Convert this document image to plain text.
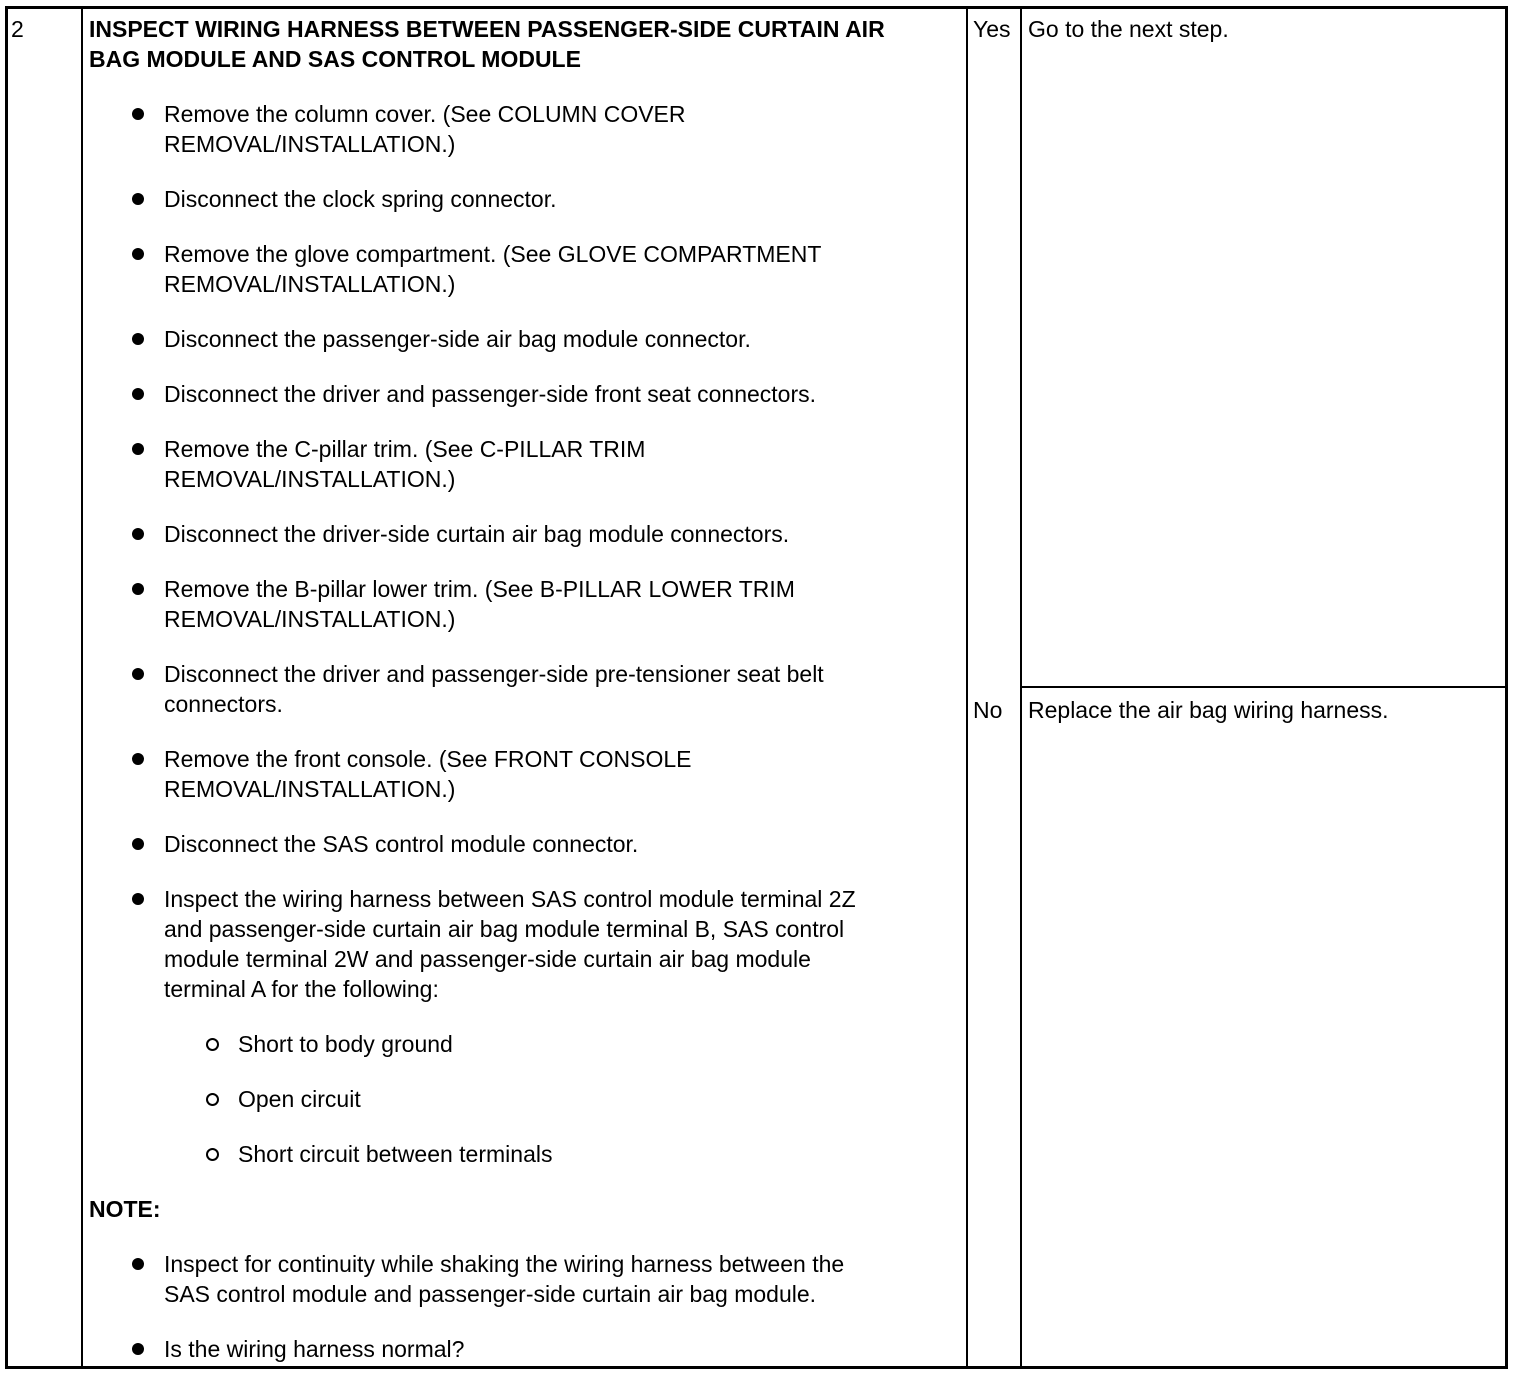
2	INSPECT WIRING HARNESS BETWEEN PASSENGER-SIDE CURTAIN AIR
BAG MODULE AND SAS CONTROL MODULE
Remove the column cover. (See COLUMN COVER
REMOVAL/INSTALLATION.)
Disconnect the clock spring connector.
Remove the glove compartment. (See GLOVE COMPARTMENT
REMOVAL/INSTALLATION.)
Disconnect the passenger-side air bag module connector.
Disconnect the driver and passenger-side front seat connectors.
Remove the C-pillar trim. (See C-PILLAR TRIM
REMOVAL/INSTALLATION.)
Disconnect the driver-side curtain air bag module connectors.
Remove the B-pillar lower trim. (See B-PILLAR LOWER TRIM
REMOVAL/INSTALLATION.)
Disconnect the driver and passenger-side pre-tensioner seat belt
connectors.
Remove the front console. (See FRONT CONSOLE
REMOVAL/INSTALLATION.)
Disconnect the SAS control module connector.
Inspect the wiring harness between SAS control module terminal 2Z
and passenger-side curtain air bag module terminal B, SAS control
module terminal 2W and passenger-side curtain air bag module
terminal A for the following:
Short to body ground
Open circuit
Short circuit between terminals
NOTE:
Inspect for continuity while shaking the wiring harness between the
SAS control module and passenger-side curtain air bag module.
Is the wiring harness normal?
Yes Go to the next step.
No Replace the air bag wiring harness.
